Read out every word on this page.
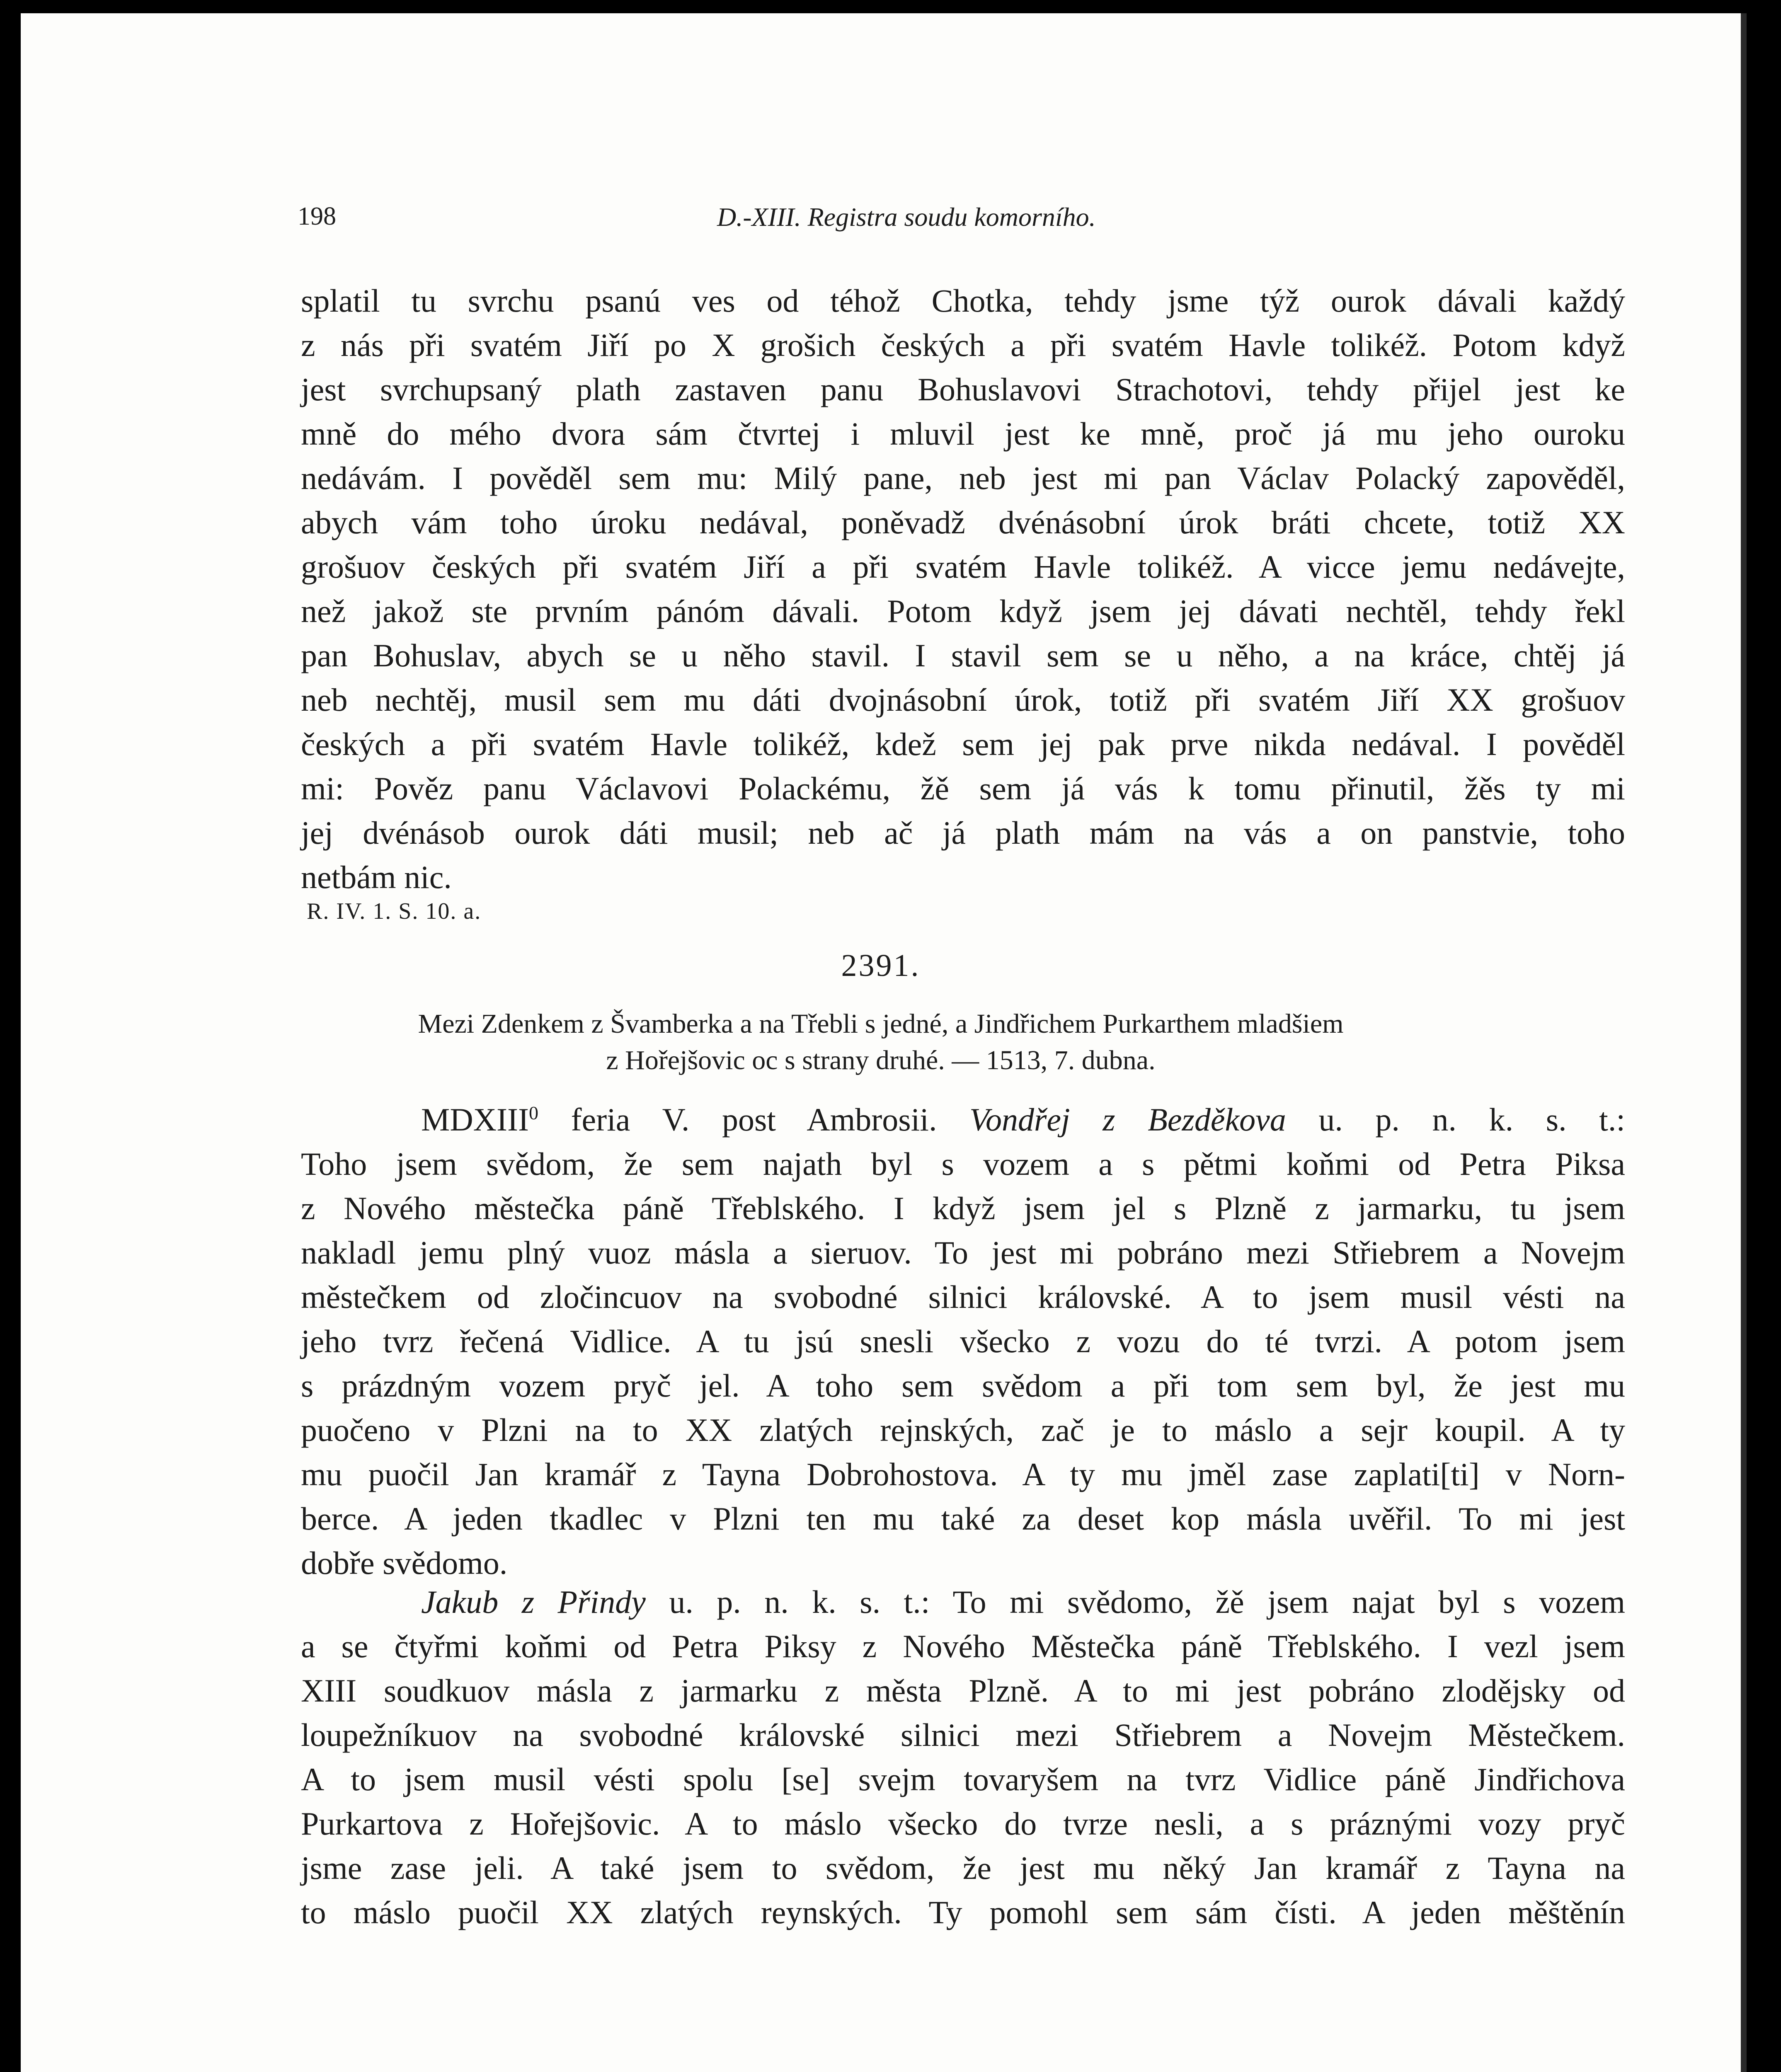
198	D.-XIII. Registra soudu komorního.
splatil tu svrchu psanú ves od téhož Chotka, tehdy jsme týž ourok dávali každý
z nás při svatém Jiří po X grošich českých a při svatém Havle tolikéž. Potom když
jest svrchupsaný plath zastaven panu Bohuslavovi Strachotovi, tehdy přijel jest ke
mně do mého dvora sám čtvrtej i mluvil jest ke mně, proč já mu jeho ouroku
nedávám. I pověděl sem mu: Milý pane, neb jest mi pan Václav Polacký zapověděl,
abych vám toho úroku nedával, poněvadž dvénásobní úrok bráti chcete, totiž XX
grošuov českých při svatém Jiří a při svatém Havle tolikéž. A vicce jemu nedávejte,
než jakož ste prvním pánóm dávali. Potom když jsem jej dávati nechtěl, tehdy řekl
pan Bohuslav, abych se u něho stavil. I stavil sem se u něho, a na kráce, chtěj já
neb nechtěj, musil sem mu dáti dvojnásobní úrok, totiž při svatém Jiří XX grošuov
českých a při svatém Havle tolikéž, kdež sem jej pak prve nikda nedával. I pověděl
mi: Pověz panu Václavovi Polackému, žě sem já vás k tomu přinutil, žěs ty mi
jej dvénásob ourok dáti musil; neb ač já plath mám na vás a on panstvie, toho
netbám nic.
R. IV. 1. S. 10. a.
2391.
Mezi Zdenkem z Švamberka a na Třebli s jedné, a Jindřichem Purkarthem mladšiem
z Hořejšovic oc s strany druhé. — 1513, 7. dubna.
MDXIII$^0$ feria V. post Ambrosii. Vondřej z Bezděkova u. p. n. k. s. t.:
Toho jsem svědom, že sem najath byl s vozem a s pětmi koňmi od Petra Piksa
z Nového městečka páně Třeblského. I když jsem jel s Plzně z jarmarku, tu jsem
nakladl jemu plný vuoz másla a sieruov. To jest mi pobráno mezi Střiebrem a Novejm
městečkem od zločincuov na svobodné silnici královské. A to jsem musil vésti na
jeho tvrz řečená Vidlice. A tu jsú snesli všecko z vozu do té tvrzi. A potom jsem
s prázdným vozem pryč jel. A toho sem svědom a při tom sem byl, že jest mu
puočeno v Plzni na to XX zlatých rejnských, zač je to máslo a sejr koupil. A ty
mu puočil Jan kramář z Tayna Dobrohostova. A ty mu jměl zase zaplati[ti] v Norn-
berce. A jeden tkadlec v Plzni ten mu také za deset kop másla uvěřil. To mi jest
dobře svědomo.
Jakub z Přindy u. p. n. k. s. t.: To mi svědomo, žě jsem najat byl s vozem
a se čtyřmi koňmi od Petra Piksy z Nového Městečka páně Třeblského. I vezl jsem
XIII soudkuov másla z jarmarku z města Plzně. A to mi jest pobráno zlodějsky od
loupežníkuov na svobodné královské silnici mezi Střiebrem a Novejm Městečkem.
A to jsem musil vésti spolu [se] svejm tovaryšem na tvrz Vidlice páně Jindřichova
Purkartova z Hořejšovic. A to máslo všecko do tvrze nesli, a s práznými vozy pryč
jsme zase jeli. A také jsem to svědom, že jest mu něký Jan kramář z Tayna na
to máslo puočil XX zlatých reynských. Ty pomohl sem sám čísti. A jeden měštěnín
